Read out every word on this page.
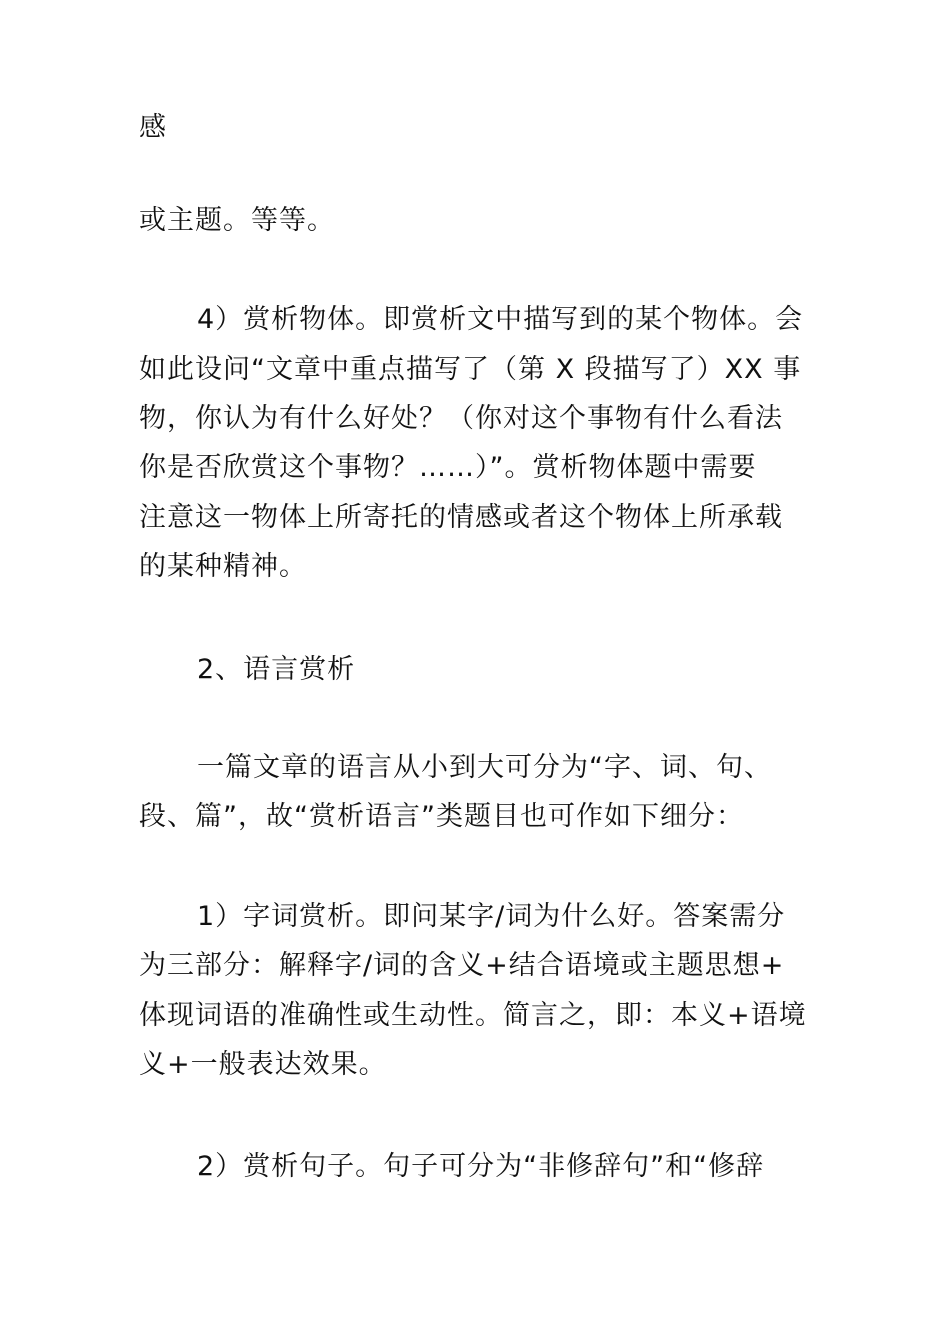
感
或主题。等等。
4）赏析物体。即赏析文中描写到的某个物体。会
如此设问“文章中重点描写了（第 X 段描写了）XX 事
物，你认为有什么好处？（你对这个事物有什么看法
你是否欣赏这个事物？……）”。赏析物体题中需要
注意这一物体上所寄托的情感或者这个物体上所承载
的某种精神。
2、语言赏析
一篇文章的语言从小到大可分为“字、词、句、
段、篇”，故“赏析语言”类题目也可作如下细分：
1）字词赏析。即问某字/词为什么好。答案需分
为三部分：解释字/词的含义+结合语境或主题思想+
体现词语的准确性或生动性。简言之，即：本义+语境
义+一般表达效果。
2）赏析句子。句子可分为“非修辞句”和“修辞
